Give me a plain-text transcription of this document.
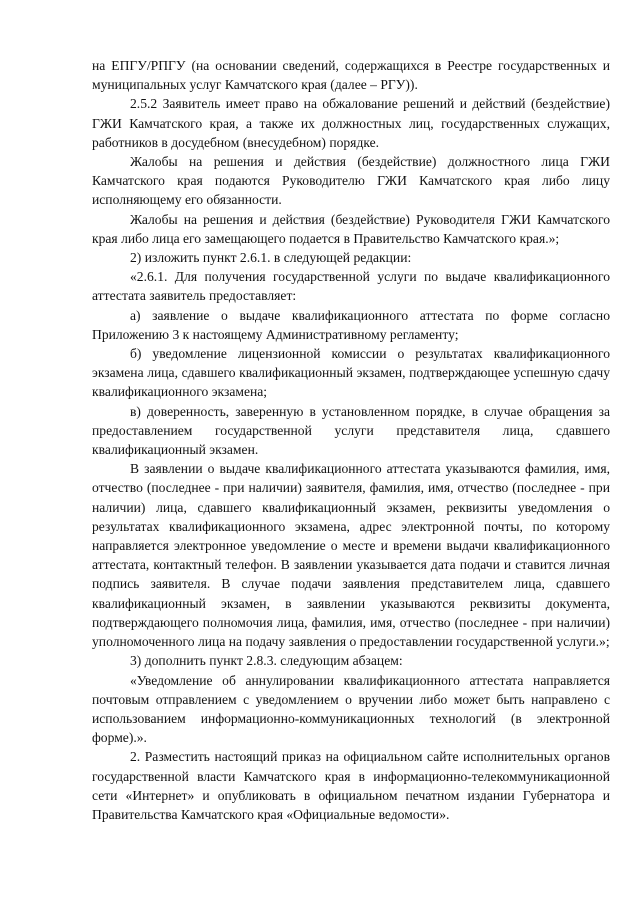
на ЕПГУ/РПГУ (на основании сведений, содержащихся в Реестре государственных и муниципальных услуг Камчатского края (далее – РГУ)).

2.5.2 Заявитель имеет право на обжалование решений и действий (бездействие) ГЖИ Камчатского края, а также их должностных лиц, государственных служащих, работников в досудебном (внесудебном) порядке.

Жалобы на решения и действия (бездействие) должностного лица ГЖИ Камчатского края подаются Руководителю ГЖИ Камчатского края либо лицу исполняющему его обязанности.

Жалобы на решения и действия (бездействие) Руководителя ГЖИ Камчатского края либо лица его замещающего подается в Правительство Камчатского края.»;

2) изложить пункт 2.6.1. в следующей редакции:

«2.6.1. Для получения государственной услуги по выдаче квалификационного аттестата заявитель предоставляет:

а) заявление о выдаче квалификационного аттестата по форме согласно Приложению 3 к настоящему Административному регламенту;

б) уведомление лицензионной комиссии о результатах квалификационного экзамена лица, сдавшего квалификационный экзамен, подтверждающее успешную сдачу квалификационного экзамена;

в) доверенность, заверенную в установленном порядке, в случае обращения за предоставлением государственной услуги представителя лица, сдавшего квалификационный экзамен.

В заявлении о выдаче квалификационного аттестата указываются фамилия, имя, отчество (последнее - при наличии) заявителя, фамилия, имя, отчество (последнее - при наличии) лица, сдавшего квалификационный экзамен, реквизиты уведомления о результатах квалификационного экзамена, адрес электронной почты, по которому направляется электронное уведомление о месте и времени выдачи квалификационного аттестата, контактный телефон. В заявлении указывается дата подачи и ставится личная подпись заявителя. В случае подачи заявления представителем лица, сдавшего квалификационный экзамен, в заявлении указываются реквизиты документа, подтверждающего полномочия лица, фамилия, имя, отчество (последнее - при наличии) уполномоченного лица на подачу заявления о предоставлении государственной услуги.»;

3) дополнить пункт 2.8.3. следующим абзацем:

«Уведомление об аннулировании квалификационного аттестата направляется почтовым отправлением с уведомлением о вручении либо может быть направлено с использованием информационно-коммуникационных технологий (в электронной форме).».

2. Разместить настоящий приказ на официальном сайте исполнительных органов государственной власти Камчатского края в информационно-телекоммуникационной сети «Интернет» и опубликовать в официальном печатном издании Губернатора и Правительства Камчатского края «Официальные ведомости».
